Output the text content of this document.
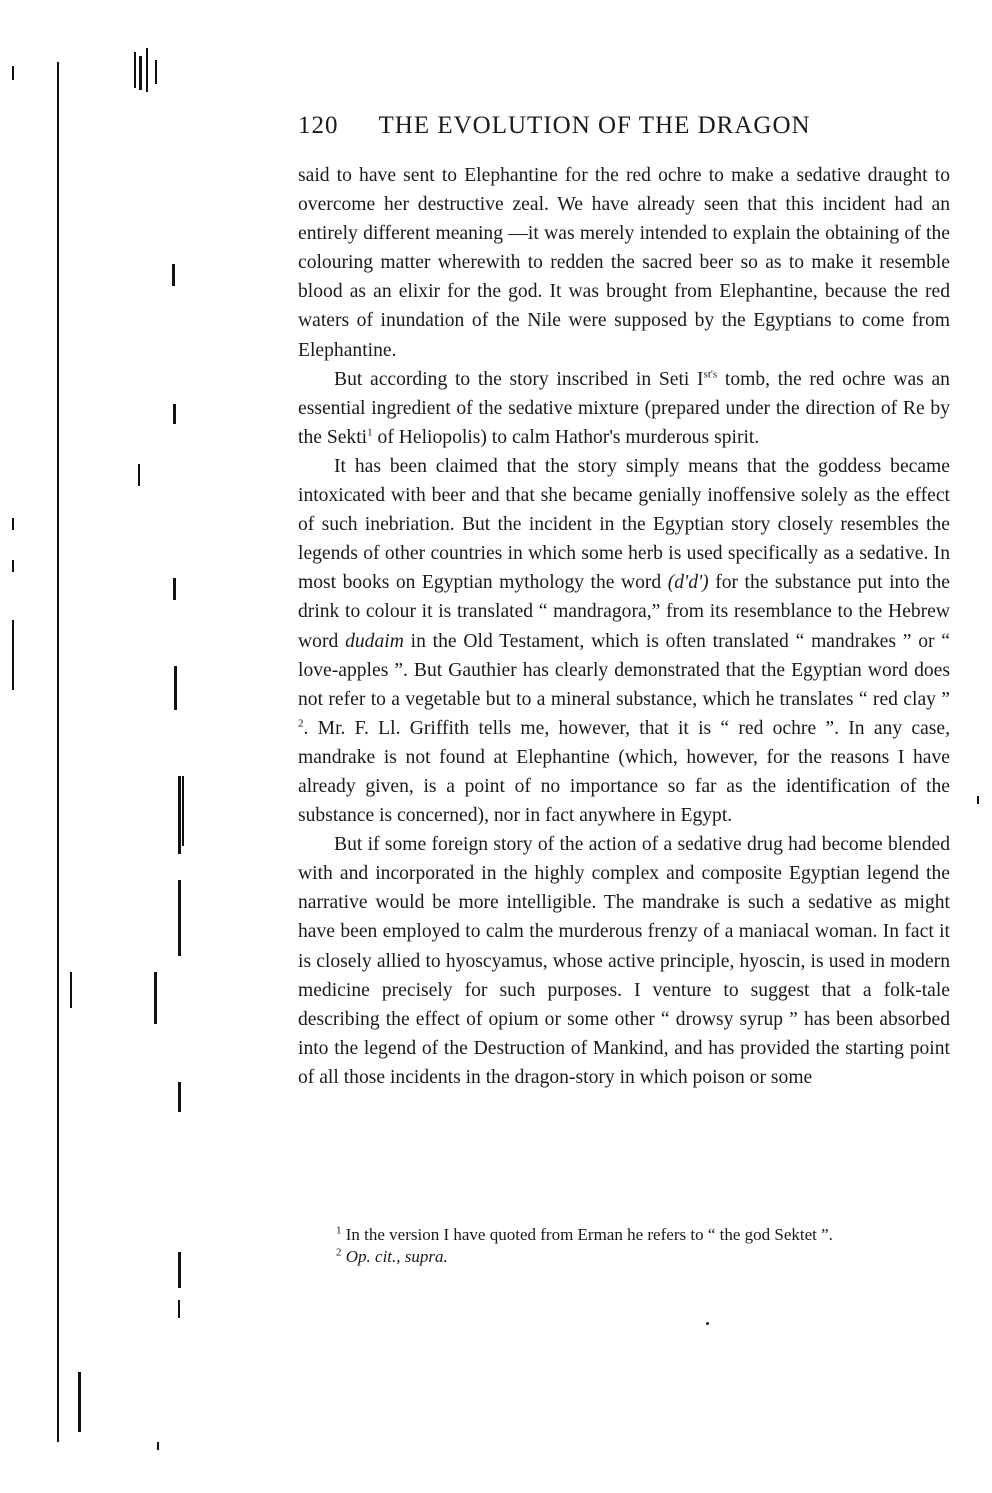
120 THE EVOLUTION OF THE DRAGON

said to have sent to Elephantine for the red ochre to make a sedative draught to overcome her destructive zeal. We have already seen that this incident had an entirely different meaning —it was merely intended to explain the obtaining of the colouring matter wherewith to redden the sacred beer so as to make it resemble blood as an elixir for the god. It was brought from Elephantine, because the red waters of inundation of the Nile were supposed by the Egyptians to come from Elephantine.

But according to the story inscribed in Seti $I^{st's}$ tomb, the red ochre was an essential ingredient of the sedative mixture (prepared under the direction of Re by the Sekti$^1$ of Heliopolis) to calm Hathor's murderous spirit.

It has been claimed that the story simply means that the goddess became intoxicated with beer and that she became genially inoffensive solely as the effect of such inebriation. But the incident in the Egyptian story closely resembles the legends of other countries in which some herb is used specifically as a sedative. In most books on Egyptian mythology the word (d'd') for the substance put into the drink to colour it is translated “ mandragora,” from its resemblance to the Hebrew word dudaim in the Old Testament, which is often translated “ mandrakes ” or “ love-apples ”. But Gauthier has clearly demonstrated that the Egyptian word does not refer to a vegetable but to a mineral substance, which he translates “ red clay ” $^2$. Mr. F. Ll. Griffith tells me, however, that it is “ red ochre ”. In any case, mandrake is not found at Elephantine (which, however, for the reasons I have already given, is a point of no importance so far as the identification of the substance is concerned), nor in fact anywhere in Egypt.

But if some foreign story of the action of a sedative drug had become blended with and incorporated in the highly complex and composite Egyptian legend the narrative would be more intelligible. The mandrake is such a sedative as might have been employed to calm the murderous frenzy of a maniacal woman. In fact it is closely allied to hyoscyamus, whose active principle, hyoscin, is used in modern medicine precisely for such purposes. I venture to suggest that a folk-tale describing the effect of opium or some other “ drowsy syrup ” has been absorbed into the legend of the Destruction of Mankind, and has provided the starting point of all those incidents in the dragon-story in which poison or some

$^1$ In the version I have quoted from Erman he refers to “ the god Sektet ”.
$^2$ Op. cit., supra.
